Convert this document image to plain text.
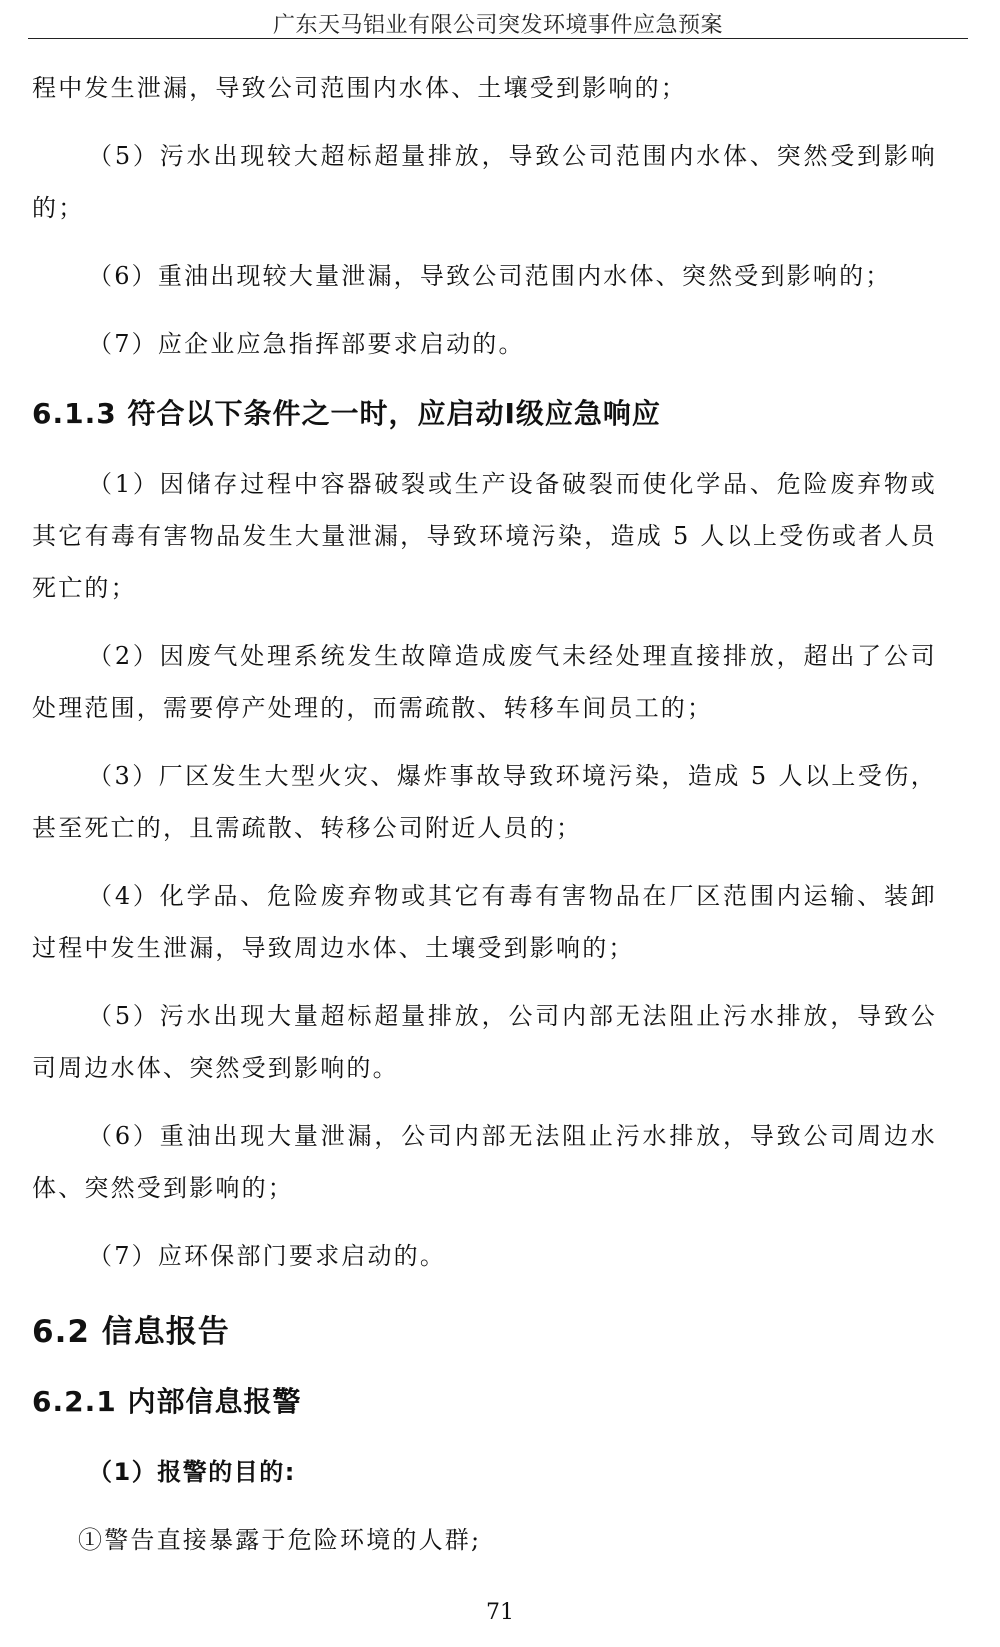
广东天马铝业有限公司突发环境事件应急预案

程中发生泄漏，导致公司范围内水体、土壤受到影响的；

（5）污水出现较大超标超量排放，导致公司范围内水体、突然受到影响的；

（6）重油出现较大量泄漏，导致公司范围内水体、突然受到影响的；

（7）应企业应急指挥部要求启动的。

6.1.3 符合以下条件之一时，应启动I级应急响应

（1）因储存过程中容器破裂或生产设备破裂而使化学品、危险废弃物或其它有毒有害物品发生大量泄漏，导致环境污染，造成 5 人以上受伤或者人员死亡的；

（2）因废气处理系统发生故障造成废气未经处理直接排放，超出了公司处理范围，需要停产处理的，而需疏散、转移车间员工的；

（3）厂区发生大型火灾、爆炸事故导致环境污染，造成 5 人以上受伤，甚至死亡的，且需疏散、转移公司附近人员的；

（4）化学品、危险废弃物或其它有毒有害物品在厂区范围内运输、装卸过程中发生泄漏，导致周边水体、土壤受到影响的；

（5）污水出现大量超标超量排放，公司内部无法阻止污水排放，导致公司周边水体、突然受到影响的。

（6）重油出现大量泄漏，公司内部无法阻止污水排放，导致公司周边水体、突然受到影响的；

（7）应环保部门要求启动的。

6.2 信息报告
6.2.1 内部信息报警

（1）报警的目的:

①警告直接暴露于危险环境的人群;

71
